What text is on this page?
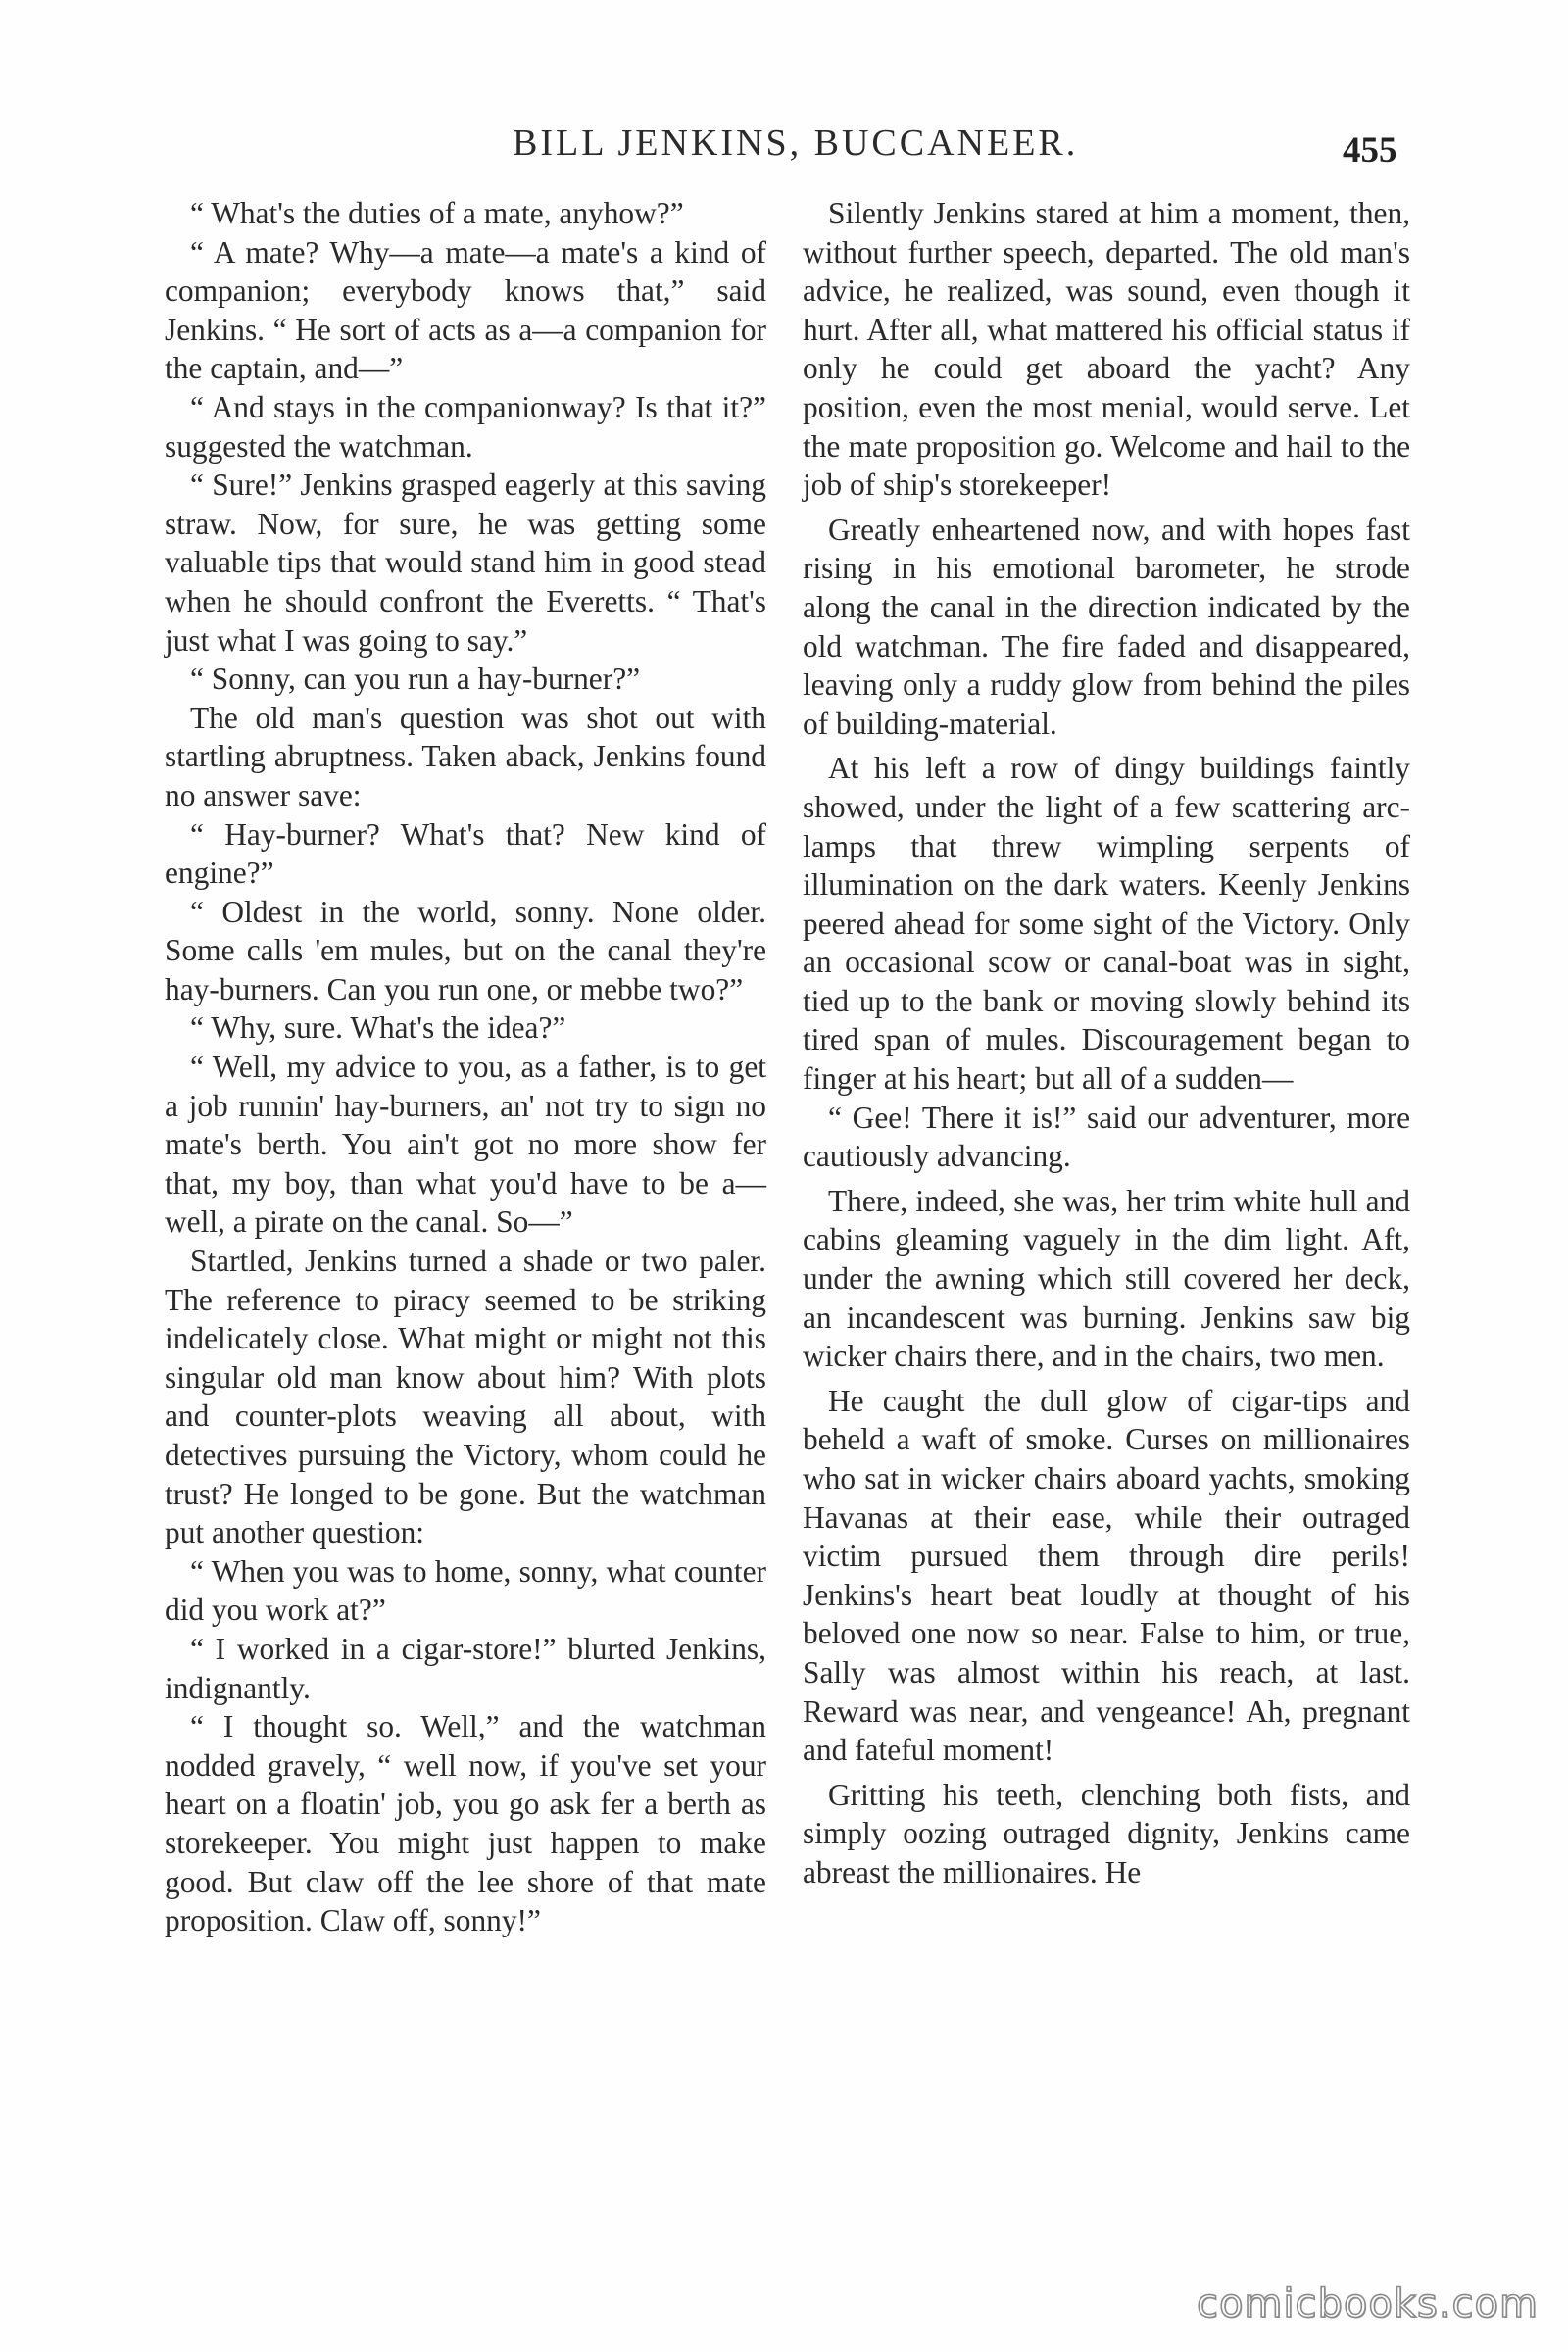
BILL JENKINS, BUCCANEER.	455

“ What's the duties of a mate, anyhow?”

“ A mate? Why—a mate—a mate's a kind of companion; everybody knows that,” said Jenkins. “ He sort of acts as a—a companion for the captain, and—”

“ And stays in the companionway? Is that it?” suggested the watchman.

“ Sure!” Jenkins grasped eagerly at this saving straw. Now, for sure, he was getting some valuable tips that would stand him in good stead when he should confront the Everetts. “ That's just what I was going to say.”

“ Sonny, can you run a hay-burner?”

The old man's question was shot out with startling abruptness. Taken aback, Jenkins found no answer save:

“ Hay-burner? What's that? New kind of engine?”

“ Oldest in the world, sonny. None older. Some calls 'em mules, but on the canal they're hay-burners. Can you run one, or mebbe two?”

“ Why, sure. What's the idea?”

“ Well, my advice to you, as a father, is to get a job runnin' hay-burners, an' not try to sign no mate's berth. You ain't got no more show fer that, my boy, than what you'd have to be a—well, a pirate on the canal. So—”

Startled, Jenkins turned a shade or two paler. The reference to piracy seemed to be striking indelicately close. What might or might not this singular old man know about him? With plots and counter-plots weaving all about, with detectives pursuing the Victory, whom could he trust? He longed to be gone. But the watchman put another question:

“ When you was to home, sonny, what counter did you work at?”

“ I worked in a cigar-store!” blurted Jenkins, indignantly.

“ I thought so. Well,” and the watchman nodded gravely, “ well now, if you've set your heart on a floatin' job, you go ask fer a berth as storekeeper. You might just happen to make good. But claw off the lee shore of that mate proposition. Claw off, sonny!”

Silently Jenkins stared at him a moment, then, without further speech, departed. The old man's advice, he realized, was sound, even though it hurt. After all, what mattered his official status if only he could get aboard the yacht? Any position, even the most menial, would serve. Let the mate proposition go. Welcome and hail to the job of ship's storekeeper!

Greatly enheartened now, and with hopes fast rising in his emotional barometer, he strode along the canal in the direction indicated by the old watchman. The fire faded and disappeared, leaving only a ruddy glow from behind the piles of building-material.

At his left a row of dingy buildings faintly showed, under the light of a few scattering arc-lamps that threw wimpling serpents of illumination on the dark waters. Keenly Jenkins peered ahead for some sight of the Victory. Only an occasional scow or canal-boat was in sight, tied up to the bank or moving slowly behind its tired span of mules. Discouragement began to finger at his heart; but all of a sudden—

“ Gee! There it is!” said our adventurer, more cautiously advancing.

There, indeed, she was, her trim white hull and cabins gleaming vaguely in the dim light. Aft, under the awning which still covered her deck, an incandescent was burning. Jenkins saw big wicker chairs there, and in the chairs, two men.

He caught the dull glow of cigar-tips and beheld a waft of smoke. Curses on millionaires who sat in wicker chairs aboard yachts, smoking Havanas at their ease, while their outraged victim pursued them through dire perils! Jenkins's heart beat loudly at thought of his beloved one now so near. False to him, or true, Sally was almost within his reach, at last. Reward was near, and vengeance! Ah, pregnant and fateful moment!

Gritting his teeth, clenching both fists, and simply oozing outraged dignity, Jenkins came abreast the millionaires. He

comicbooks.com
